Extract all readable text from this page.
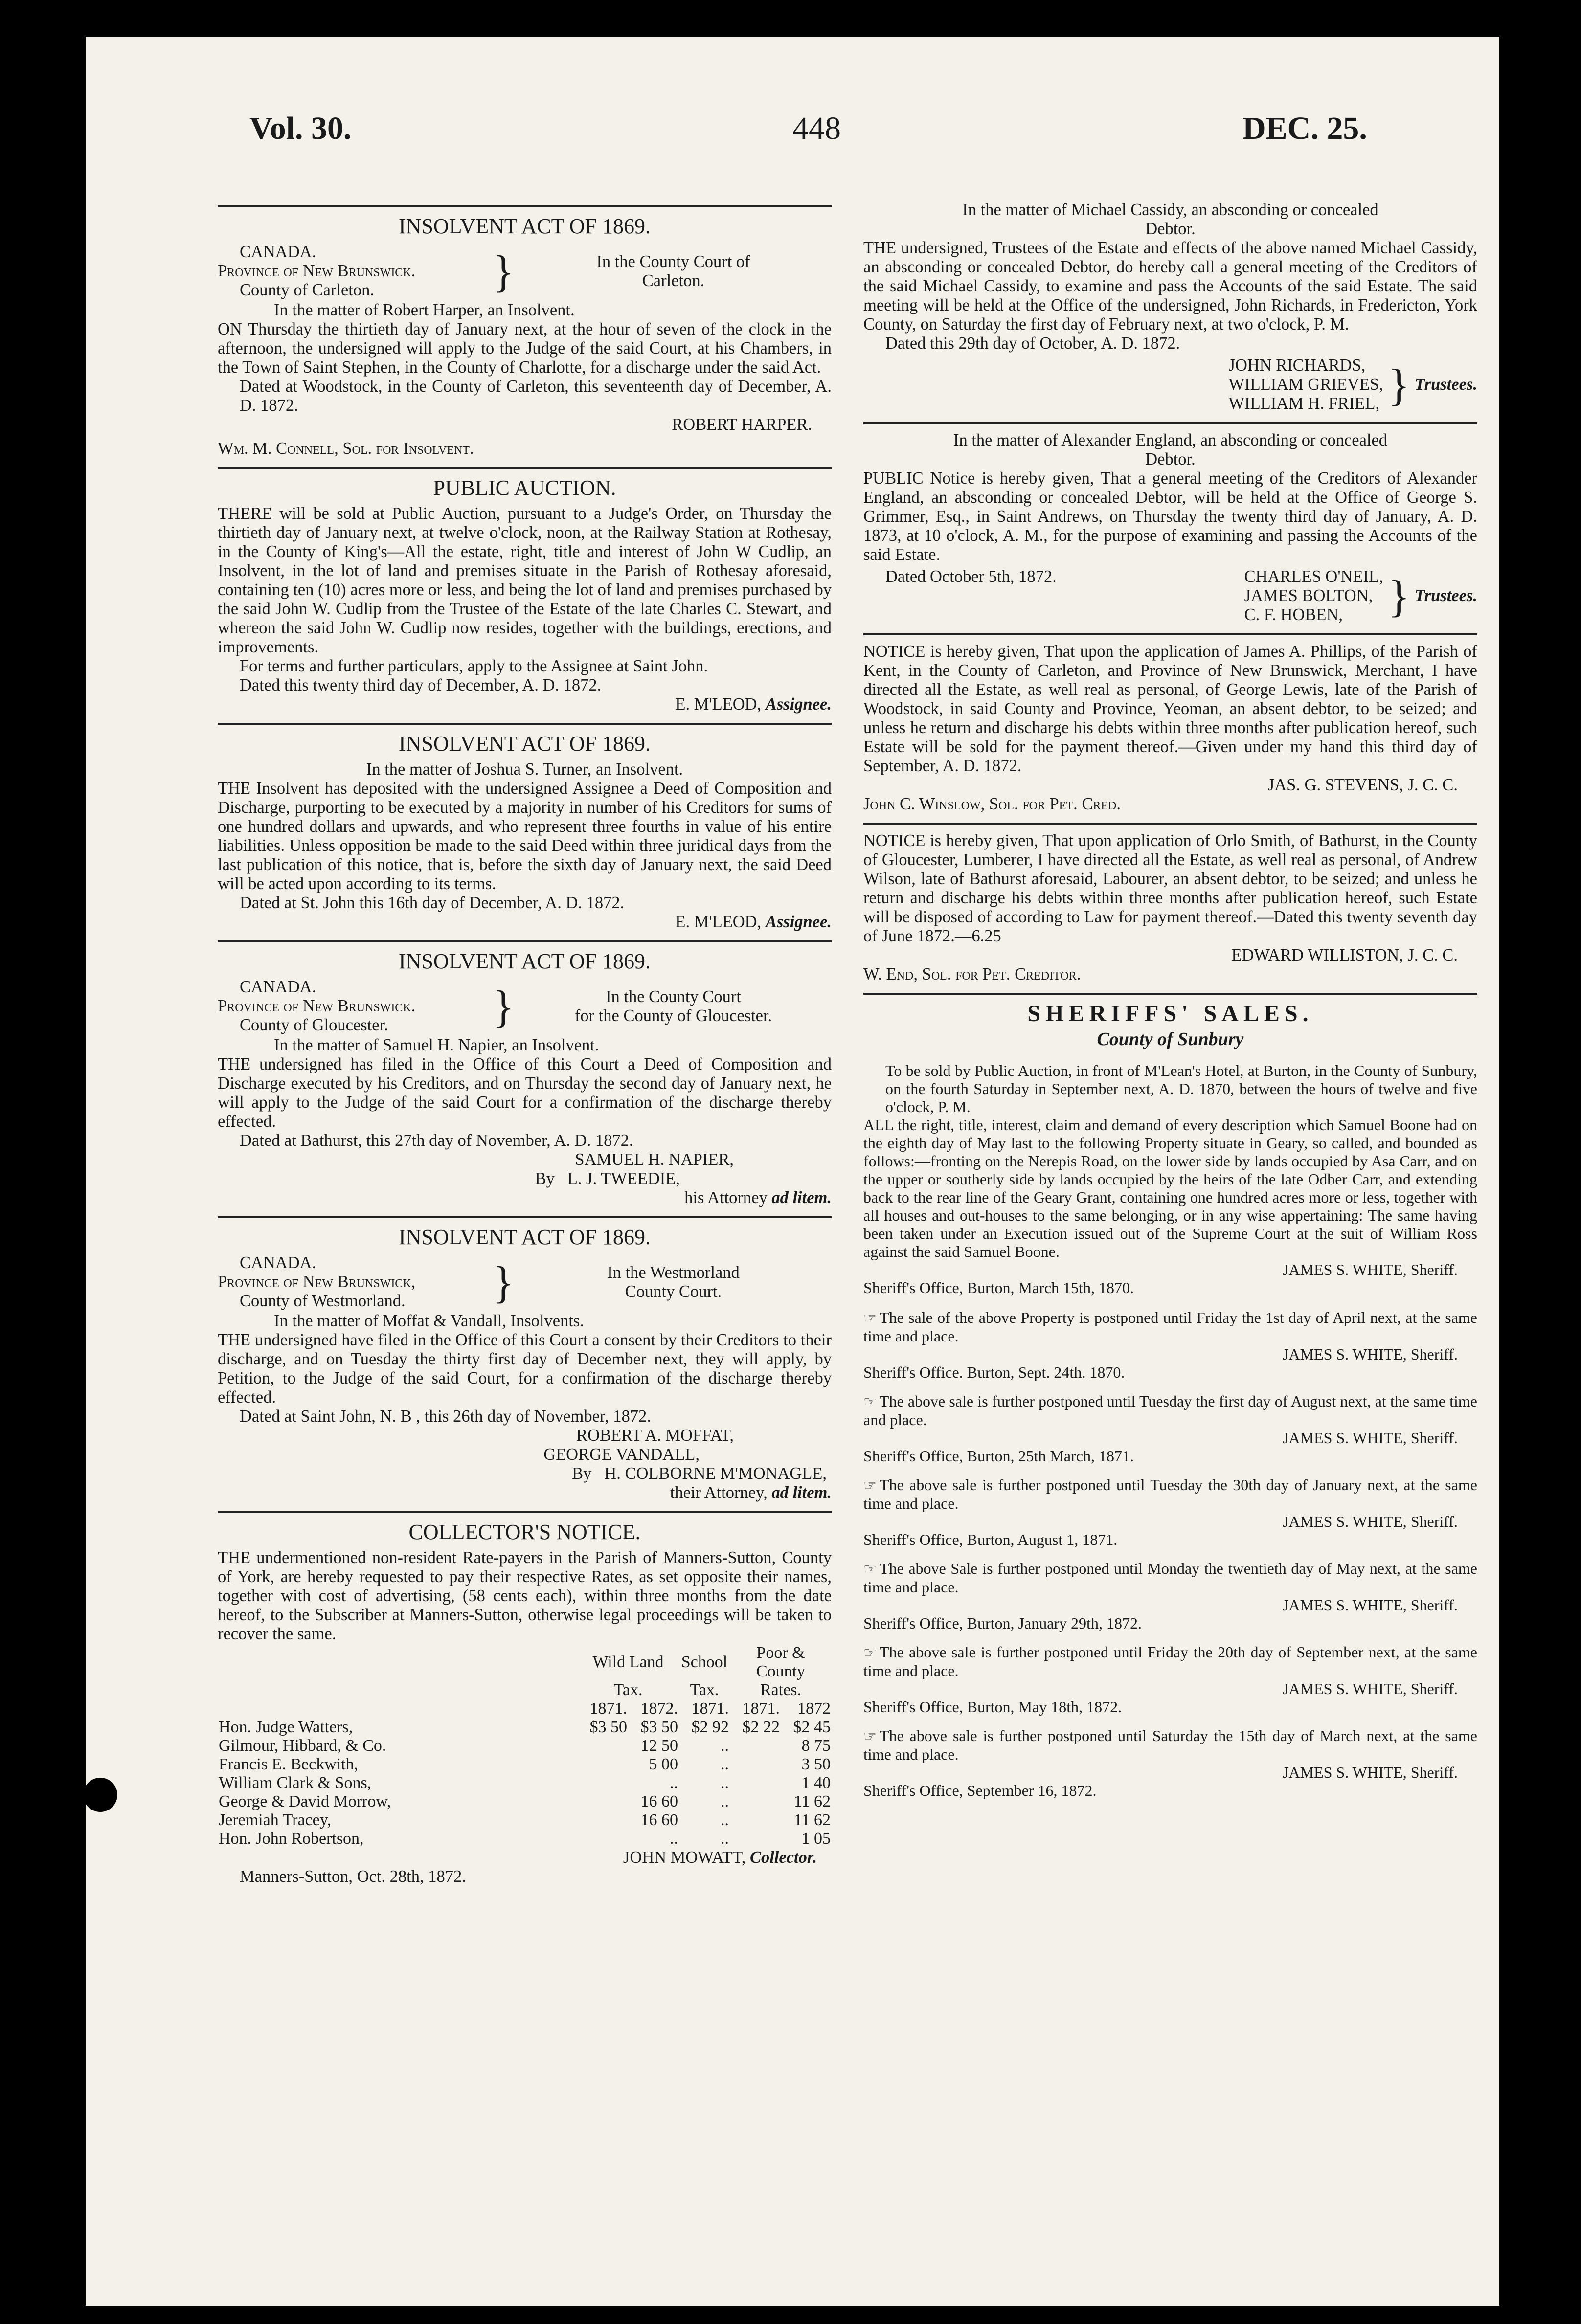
Vol. 30.	448	DEC. 25.
INSOLVENT ACT OF 1869.

CANADA.

Province of New Brunswick.

County of Carleton.	}	In the County Court of

Carleton.

In the matter of Robert Harper, an Insolvent.

ON Thursday the thirtieth day of January next, at the hour of seven of the clock in the afternoon, the undersigned will apply to the Judge of the said Court, at his Chambers, in the Town of Saint Stephen, in the County of Charlotte, for a discharge under the said Act.

Dated at Woodstock, in the County of Carleton, this seventeenth day of December, A. D. 1872.

ROBERT HARPER.

Wm. M. Connell, Sol. for Insolvent.

PUBLIC AUCTION.

THERE will be sold at Public Auction, pursuant to a Judge's Order, on Thursday the thirtieth day of January next, at twelve o'clock, noon, at the Railway Station at Rothesay, in the County of King's—All the estate, right, title and interest of John W Cudlip, an Insolvent, in the lot of land and premises situate in the Parish of Rothesay aforesaid, containing ten (10) acres more or less, and being the lot of land and premises purchased by the said John W. Cudlip from the Trustee of the Estate of the late Charles C. Stewart, and whereon the said John W. Cudlip now resides, together with the buildings, erections, and improvements.

For terms and further particulars, apply to the Assignee at Saint John.

Dated this twenty third day of December, A. D. 1872.

E. M'LEOD, Assignee.

INSOLVENT ACT OF 1869.

In the matter of Joshua S. Turner, an Insolvent.

THE Insolvent has deposited with the undersigned Assignee a Deed of Composition and Discharge, purporting to be executed by a majority in number of his Creditors for sums of one hundred dollars and upwards, and who represent three fourths in value of his entire liabilities. Unless opposition be made to the said Deed within three juridical days from the last publication of this notice, that is, before the sixth day of January next, the said Deed will be acted upon according to its terms.

Dated at St. John this 16th day of December, A. D. 1872.

E. M'LEOD, Assignee.

INSOLVENT ACT OF 1869.

CANADA.

Province of New Brunswick.

County of Gloucester.	}	In the County Court

for the County of Gloucester.

In the matter of Samuel H. Napier, an Insolvent.

THE undersigned has filed in the Office of this Court a Deed of Composition and Discharge executed by his Creditors, and on Thursday the second day of January next, he will apply to the Judge of the said Court for a confirmation of the discharge thereby effected.

Dated at Bathurst, this 27th day of November, A. D. 1872.

SAMUEL H. NAPIER,

By L. J. TWEEDIE,

his Attorney ad litem.

INSOLVENT ACT OF 1869.

CANADA.

Province of New Brunswick,

County of Westmorland.	}	In the Westmorland

County Court.

In the matter of Moffat & Vandall, Insolvents.

THE undersigned have filed in the Office of this Court a consent by their Creditors to their discharge, and on Tuesday the thirty first day of December next, they will apply, by Petition, to the Judge of the said Court, for a confirmation of the discharge thereby effected.

Dated at Saint John, N. B , this 26th day of November, 1872.

ROBERT A. MOFFAT,

GEORGE VANDALL,

By H. COLBORNE M'MONAGLE,

their Attorney, ad litem.

COLLECTOR'S NOTICE.

THE undermentioned non-resident Rate-payers in the Parish of Manners-Sutton, County of York, are hereby requested to pay their respective Rates, as set opposite their names, together with cost of advertising, (58 cents each), within three months from the date hereof, to the Subscriber at Manners-Sutton, otherwise legal proceedings will be taken to recover the same.

	Wild Land		School	Poor & County	
	Tax.		Tax.	Rates.	
	1871.	1872.	1871.	1871.	1872
Hon. Judge Watters,	$3 50	$3 50	$2 92	$2 22	$2 45
Gilmour, Hibbard, & Co.		12 50	..		8 75
Francis E. Beckwith,		5 00	..		3 50
William Clark & Sons,		..	..		1 40
George & David Morrow,		16 60	..		11 62
Jeremiah Tracey,		16 60	..		11 62
Hon. John Robertson,		..	..		1 05

JOHN MOWATT, Collector.

Manners-Sutton, Oct. 28th, 1872.

In the matter of Michael Cassidy, an absconding or concealed

Debtor.

THE undersigned, Trustees of the Estate and effects of the above named Michael Cassidy, an absconding or concealed Debtor, do hereby call a general meeting of the Creditors of the said Michael Cassidy, to examine and pass the Accounts of the said Estate. The said meeting will be held at the Office of the undersigned, John Richards, in Fredericton, York County, on Saturday the first day of February next, at two o'clock, P. M.

Dated this 29th day of October, A. D. 1872.

JOHN RICHARDS,

WILLIAM GRIEVES,

WILLIAM H. FRIEL, } Trustees.

In the matter of Alexander England, an absconding or concealed

Debtor.

PUBLIC Notice is hereby given, That a general meeting of the Creditors of Alexander England, an absconding or concealed Debtor, will be held at the Office of George S. Grimmer, Esq., in Saint Andrews, on Thursday the twenty third day of January, A. D. 1873, at 10 o'clock, A. M., for the purpose of examining and passing the Accounts of the said Estate.

Dated October 5th, 1872.	CHARLES O'NEIL,

JAMES BOLTON,

C. F. HOBEN,	} Trustees.

NOTICE is hereby given, That upon the application of James A. Phillips, of the Parish of Kent, in the County of Carleton, and Province of New Brunswick, Merchant, I have directed all the Estate, as well real as personal, of George Lewis, late of the Parish of Woodstock, in said County and Province, Yeoman, an absent debtor, to be seized; and unless he return and discharge his debts within three months after publication hereof, such Estate will be sold for the payment thereof.—Given under my hand this third day of September, A. D. 1872.

JAS. G. STEVENS, J. C. C.

John C. Winslow, Sol. for Pet. Cred.

NOTICE is hereby given, That upon application of Orlo Smith, of Bathurst, in the County of Gloucester, Lumberer, I have directed all the Estate, as well real as personal, of Andrew Wilson, late of Bathurst aforesaid, Labourer, an absent debtor, to be seized; and unless he return and discharge his debts within three months after publication hereof, such Estate will be disposed of according to Law for payment thereof.—Dated this twenty seventh day of June 1872.—6.25

EDWARD WILLISTON, J. C. C.

W. End, Sol. for Pet. Creditor.

SHERIFFS' SALES.
County of Sunbury

To be sold by Public Auction, in front of M'Lean's Hotel, at Burton, in the County of Sunbury, on the fourth Saturday in September next, A. D. 1870, between the hours of twelve and five o'clock, P. M.

ALL the right, title, interest, claim and demand of every description which Samuel Boone had on the eighth day of May last to the following Property situate in Geary, so called, and bounded as follows:—fronting on the Nerepis Road, on the lower side by lands occupied by Asa Carr, and on the upper or southerly side by lands occupied by the heirs of the late Odber Carr, and extending back to the rear line of the Geary Grant, containing one hundred acres more or less, together with all houses and out-houses to the same belonging, or in any wise appertaining: The same having been taken under an Execution issued out of the Supreme Court at the suit of William Ross against the said Samuel Boone.

JAMES S. WHITE, Sheriff.

Sheriff's Office, Burton, March 15th, 1870.

☞ The sale of the above Property is postponed until Friday the 1st day of April next, at the same time and place.

JAMES S. WHITE, Sheriff.

Sheriff's Office. Burton, Sept. 24th. 1870.

☞ The above sale is further postponed until Tuesday the first day of August next, at the same time and place.

JAMES S. WHITE, Sheriff.

Sheriff's Office, Burton, 25th March, 1871.

☞ The above sale is further postponed until Tuesday the 30th day of January next, at the same time and place.

JAMES S. WHITE, Sheriff.

Sheriff's Office, Burton, August 1, 1871.

☞ The above Sale is further postponed until Monday the twentieth day of May next, at the same time and place.

JAMES S. WHITE, Sheriff.

Sheriff's Office, Burton, January 29th, 1872.

☞ The above sale is further postponed until Friday the 20th day of September next, at the same time and place.

JAMES S. WHITE, Sheriff.

Sheriff's Office, Burton, May 18th, 1872.

☞ The above sale is further postponed until Saturday the 15th day of March next, at the same time and place.

JAMES S. WHITE, Sheriff.

Sheriff's Office, September 16, 1872.
